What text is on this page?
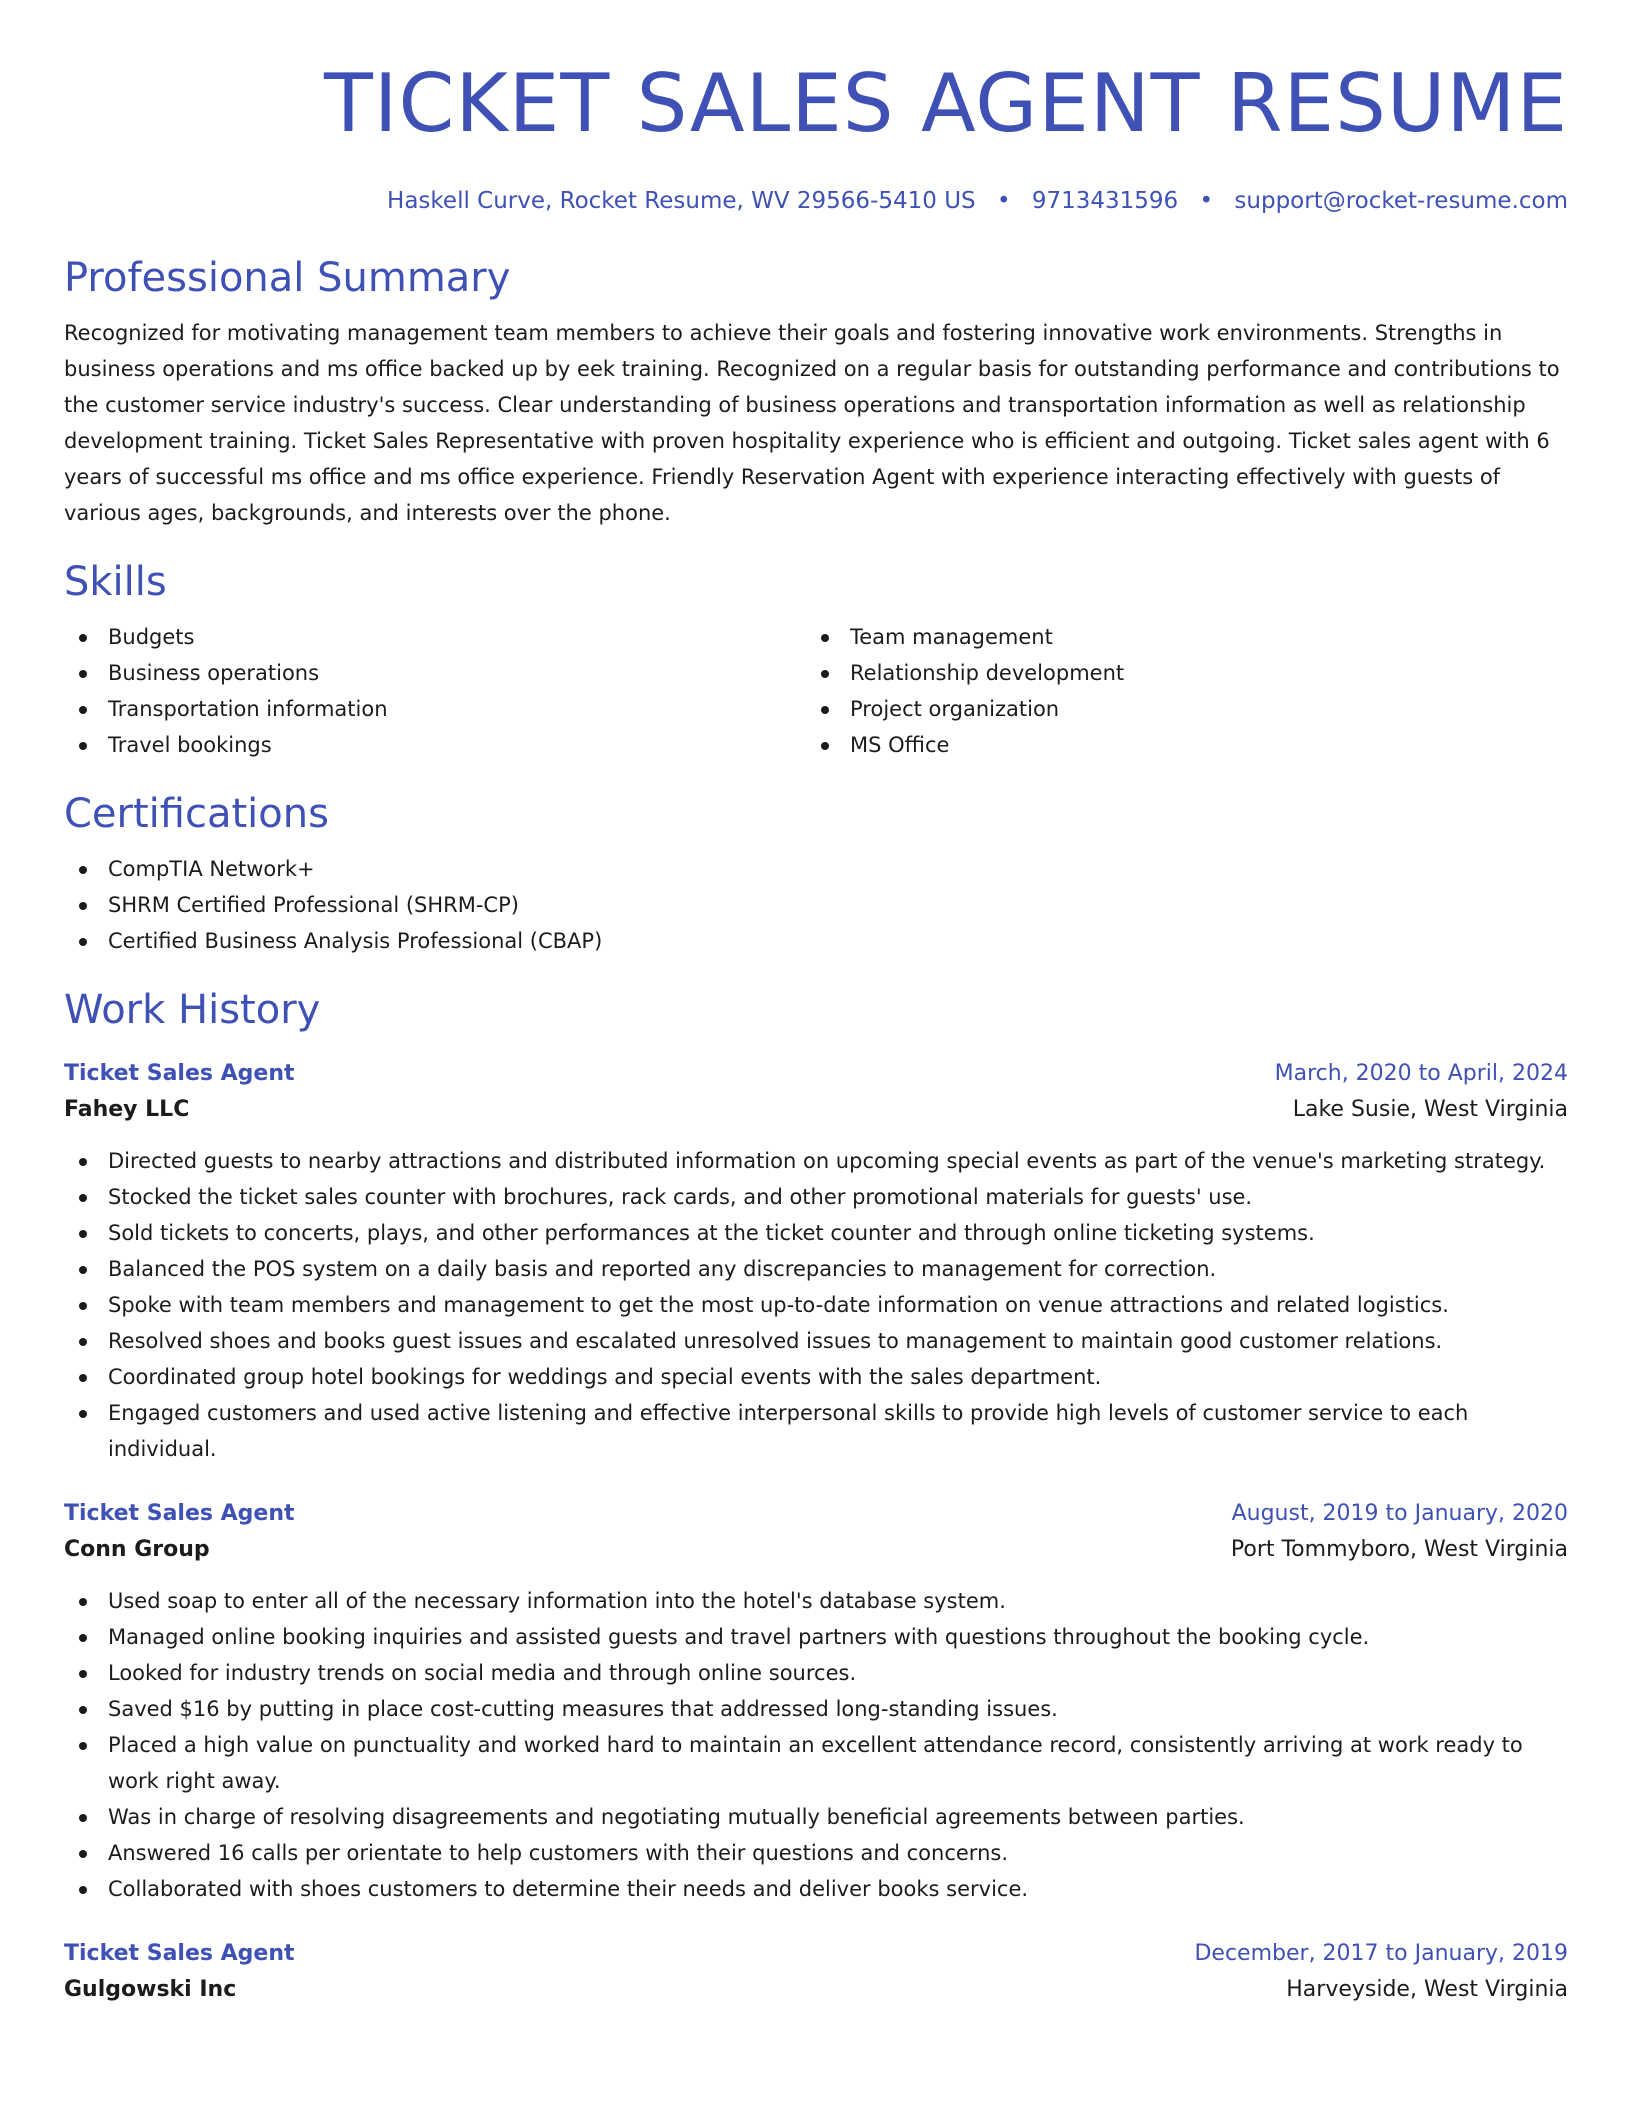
TICKET SALES AGENT RESUME
Haskell Curve, Rocket Resume, WV 29566-5410 US • 9713431596 • support@rocket-resume.com
Professional Summary

Recognized for motivating management team members to achieve their goals and fostering innovative work environments. Strengths in business operations and ms office backed up by eek training. Recognized on a regular basis for outstanding performance and contributions to the customer service industry's success. Clear understanding of business operations and transportation information as well as relationship development training. Ticket Sales Representative with proven hospitality experience who is efficient and outgoing. Ticket sales agent with 6 years of successful ms office and ms office experience. Friendly Reservation Agent with experience interacting effectively with guests of various ages, backgrounds, and interests over the phone.

Skills
Budgets
Business operations
Transportation information
Travel bookings
Team management
Relationship development
Project organization
MS Office
Certifications
CompTIA Network+
SHRM Certified Professional (SHRM-CP)
Certified Business Analysis Professional (CBAP)
Work History
Ticket Sales Agent	March, 2020 to April, 2024
Fahey LLC	Lake Susie, West Virginia
Directed guests to nearby attractions and distributed information on upcoming special events as part of the venue's marketing strategy.
Stocked the ticket sales counter with brochures, rack cards, and other promotional materials for guests' use.
Sold tickets to concerts, plays, and other performances at the ticket counter and through online ticketing systems.
Balanced the POS system on a daily basis and reported any discrepancies to management for correction.
Spoke with team members and management to get the most up-to-date information on venue attractions and related logistics.
Resolved shoes and books guest issues and escalated unresolved issues to management to maintain good customer relations.
Coordinated group hotel bookings for weddings and special events with the sales department.
Engaged customers and used active listening and effective interpersonal skills to provide high levels of customer service to each individual.
Ticket Sales Agent	August, 2019 to January, 2020
Conn Group	Port Tommyboro, West Virginia
Used soap to enter all of the necessary information into the hotel's database system.
Managed online booking inquiries and assisted guests and travel partners with questions throughout the booking cycle.
Looked for industry trends on social media and through online sources.
Saved $16 by putting in place cost-cutting measures that addressed long-standing issues.
Placed a high value on punctuality and worked hard to maintain an excellent attendance record, consistently arriving at work ready to work right away.
Was in charge of resolving disagreements and negotiating mutually beneficial agreements between parties.
Answered 16 calls per orientate to help customers with their questions and concerns.
Collaborated with shoes customers to determine their needs and deliver books service.
Ticket Sales Agent	December, 2017 to January, 2019
Gulgowski Inc	Harveyside, West Virginia
